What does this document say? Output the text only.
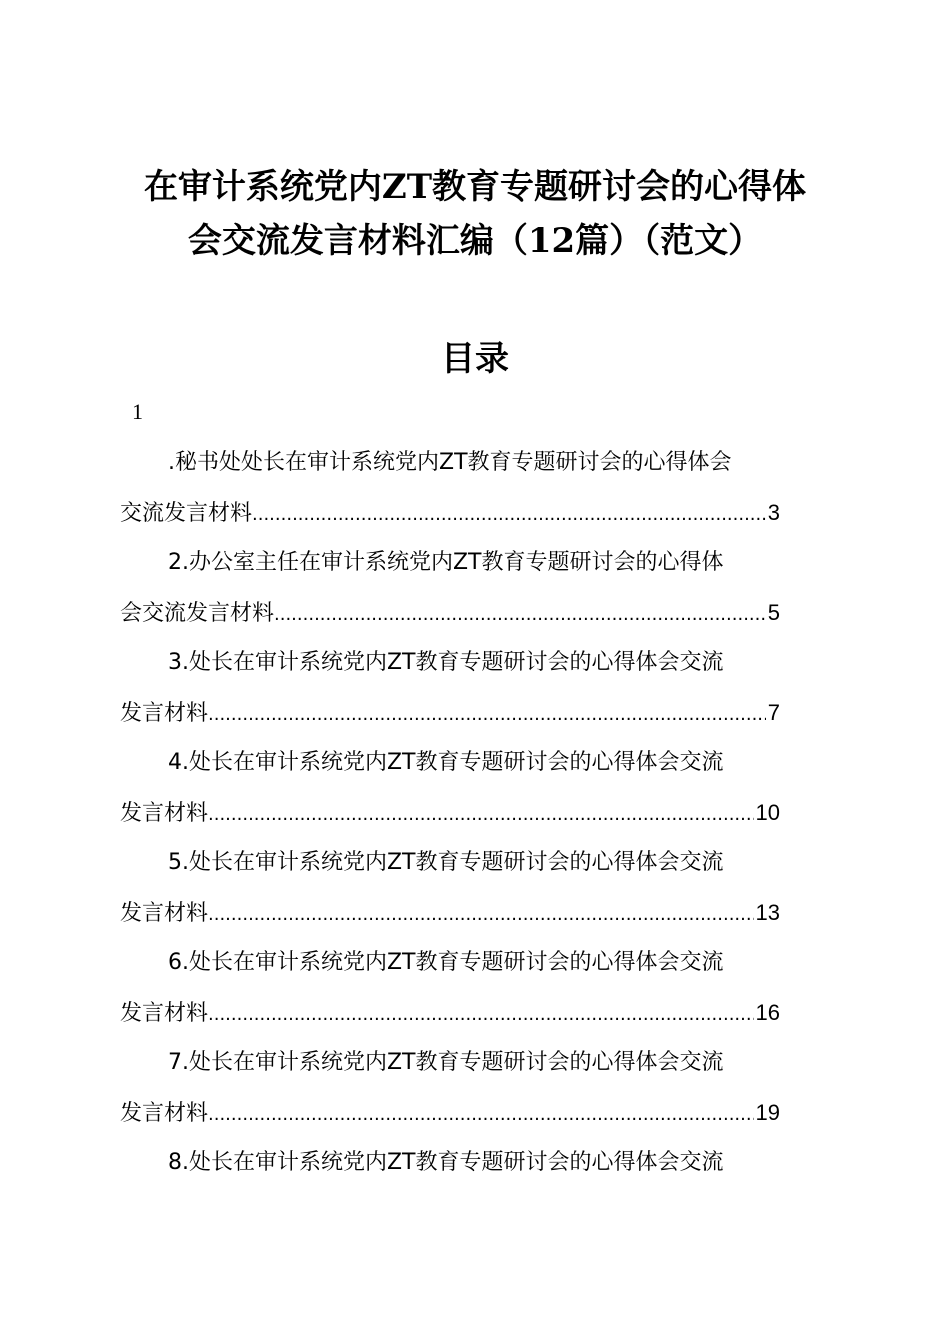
在审计系统党内ZT教育专题研讨会的心得体
会交流发言材料汇编（12篇）（范文）
目录
1
.秘书处处长在审计系统党内ZT教育专题研讨会的心得体会
交流发言材料 .....	3
2.办公室主任在审计系统党内ZT教育专题研讨会的心得体
会交流发言材料 .....	5
3.处长在审计系统党内ZT教育专题研讨会的心得体会交流
发言材料 .....	7
4.处长在审计系统党内ZT教育专题研讨会的心得体会交流
发言材料 .....	10
5.处长在审计系统党内ZT教育专题研讨会的心得体会交流
发言材料 .....	13
6.处长在审计系统党内ZT教育专题研讨会的心得体会交流
发言材料 .....	16
7.处长在审计系统党内ZT教育专题研讨会的心得体会交流
发言材料 .....	19
8.处长在审计系统党内ZT教育专题研讨会的心得体会交流
